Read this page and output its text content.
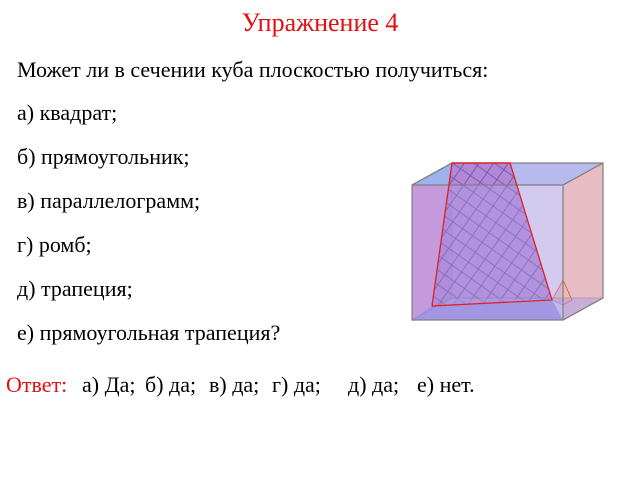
Упражнение 4
Может ли в сечении куба плоскостью получиться:
а) квадрат;
б) прямоугольник;
в) параллелограмм;
г) ромб;
д) трапеция;
е) прямоугольная трапеция?
Ответ: а) Да; б) да; в) да; г) да; д) да; е) нет.
